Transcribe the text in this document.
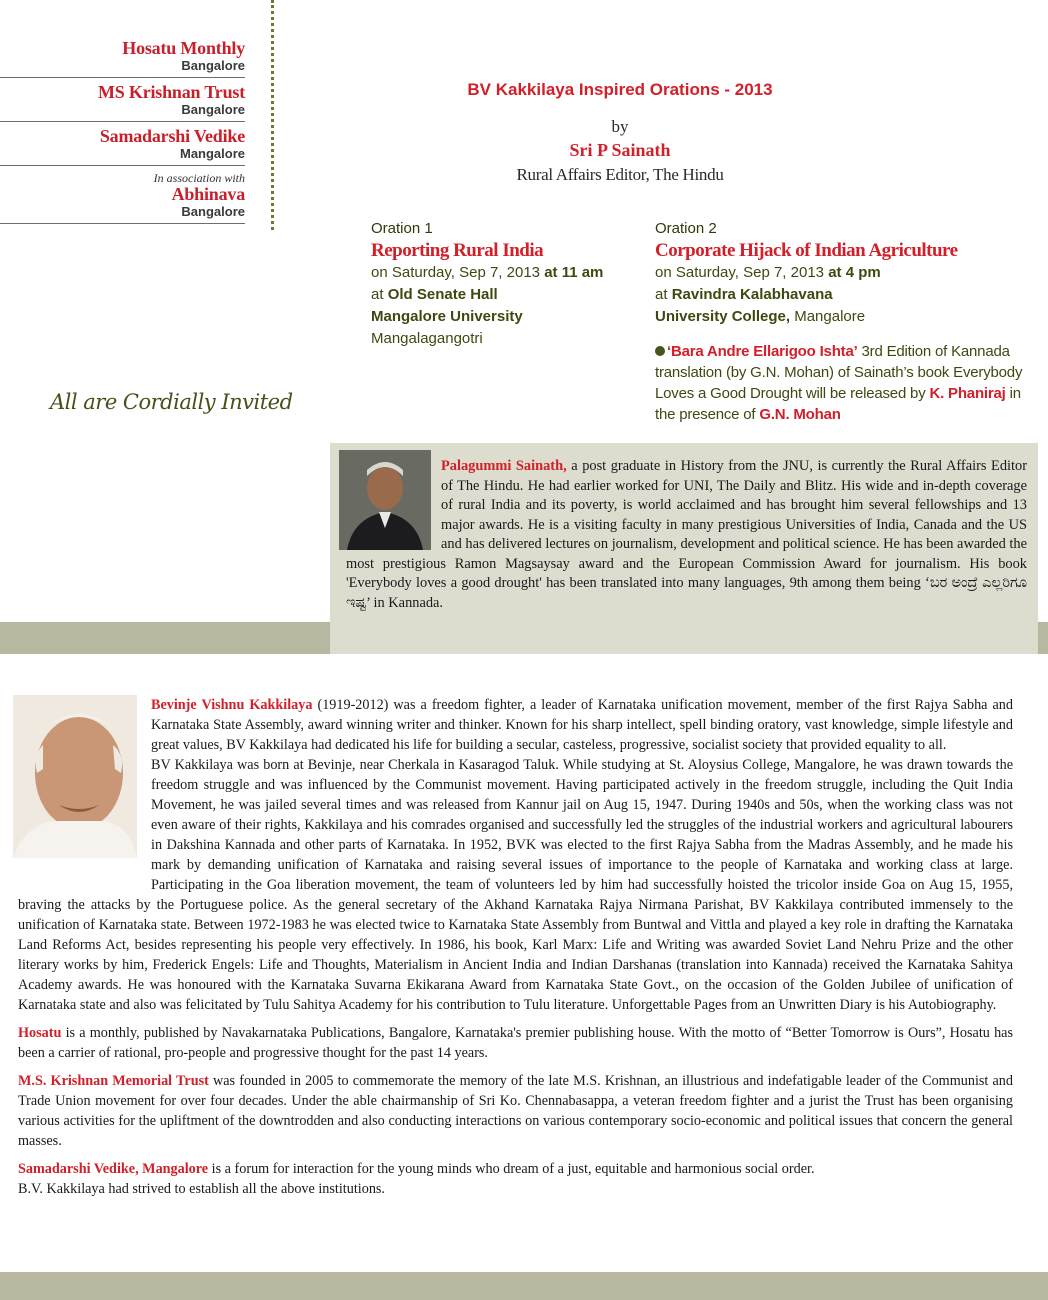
Hosatu Monthly
Bangalore
MS Krishnan Trust
Bangalore
Samadarshi Vedike
Mangalore
In association with
Abhinava
Bangalore
BV Kakkilaya Inspired Orations - 2013
by
Sri P Sainath
Rural Affairs Editor, The Hindu
Oration 1
Reporting Rural India
on Saturday, Sep 7, 2013 at 11 am
at Old Senate Hall
Mangalore University
Mangalagangotri
Oration 2
Corporate Hijack of Indian Agriculture
on Saturday, Sep 7, 2013 at 4 pm
at Ravindra Kalabhavana
University College, Mangalore
‘Bara Andre Ellarigoo Ishta’ 3rd Edition of Kannada translation (by G.N. Mohan) of Sainath’s book Everybody Loves a Good Drought will be released by K. Phaniraj in the presence of G.N. Mohan
All are Cordially Invited
Palagummi Sainath, a post graduate in History from the JNU, is currently the Rural Affairs Editor of The Hindu. He had earlier worked for UNI, The Daily and Blitz. His wide and in-depth coverage of rural India and its poverty, is world acclaimed and has brought him several fellowships and 13 major awards. He is a visiting faculty in many prestigious Universities of India, Canada and the US and has delivered lectures on journalism, development and political science. He has been awarded the most prestigious Ramon Magsaysay award and the European Commission Award for journalism. His book 'Everybody loves a good drought' has been translated into many languages, 9th among them being ‘ಬರ ಅಂದ್ರೆ ಎಲ್ಲರಿಗೂ ಇಷ್ಟ’ in Kannada.

Bevinje Vishnu Kakkilaya (1919-2012) was a freedom fighter, a leader of Karnataka unification movement, member of the first Rajya Sabha and Karnataka State Assembly, award winning writer and thinker. Known for his sharp intellect, spell binding oratory, vast knowledge, simple lifestyle and great values, BV Kakkilaya had dedicated his life for building a secular, casteless, progressive, socialist society that provided equality to all.

BV Kakkilaya was born at Bevinje, near Cherkala in Kasaragod Taluk. While studying at St. Aloysius College, Mangalore, he was drawn towards the freedom struggle and was influenced by the Communist movement. Having participated actively in the freedom struggle, including the Quit India Movement, he was jailed several times and was released from Kannur jail on Aug 15, 1947. During 1940s and 50s, when the working class was not even aware of their rights, Kakkilaya and his comrades organised and successfully led the struggles of the industrial workers and agricultural labourers in Dakshina Kannada and other parts of Karnataka. In 1952, BVK was elected to the first Rajya Sabha from the Madras Assembly, and he made his mark by demanding unification of Karnataka and raising several issues of importance to the people of Karnataka and working class at large. Participating in the Goa liberation movement, the team of volunteers led by him had successfully hoisted the tricolor inside Goa on Aug 15, 1955, braving the attacks by the Portuguese police. As the general secretary of the Akhand Karnataka Rajya Nirmana Parishat, BV Kakkilaya contributed immensely to the unification of Karnataka state. Between 1972-1983 he was elected twice to Karnataka State Assembly from Buntwal and Vittla and played a key role in drafting the Karnataka Land Reforms Act, besides representing his people very effectively. In 1986, his book, Karl Marx: Life and Writing was awarded Soviet Land Nehru Prize and the other literary works by him, Frederick Engels: Life and Thoughts, Materialism in Ancient India and Indian Darshanas (translation into Kannada) received the Karnataka Sahitya Academy awards. He was honoured with the Karnataka Suvarna Ekikarana Award from Karnataka State Govt., on the occasion of the Golden Jubilee of unification of Karnataka state and also was felicitated by Tulu Sahitya Academy for his contribution to Tulu literature. Unforgettable Pages from an Unwritten Diary is his Autobiography.

Hosatu is a monthly, published by Navakarnataka Publications, Bangalore, Karnataka's premier publishing house. With the motto of “Better Tomorrow is Ours”, Hosatu has been a carrier of rational, pro-people and progressive thought for the past 14 years.

M.S. Krishnan Memorial Trust was founded in 2005 to commemorate the memory of the late M.S. Krishnan, an illustrious and indefatigable leader of the Communist and Trade Union movement for over four decades. Under the able chairmanship of Sri Ko. Chennabasappa, a veteran freedom fighter and a jurist the Trust has been organising various activities for the upliftment of the downtrodden and also conducting interactions on various contemporary socio-economic and political issues that concern the general masses.

Samadarshi Vedike, Mangalore is a forum for interaction for the young minds who dream of a just, equitable and harmonious social order.

B.V. Kakkilaya had strived to establish all the above institutions.
